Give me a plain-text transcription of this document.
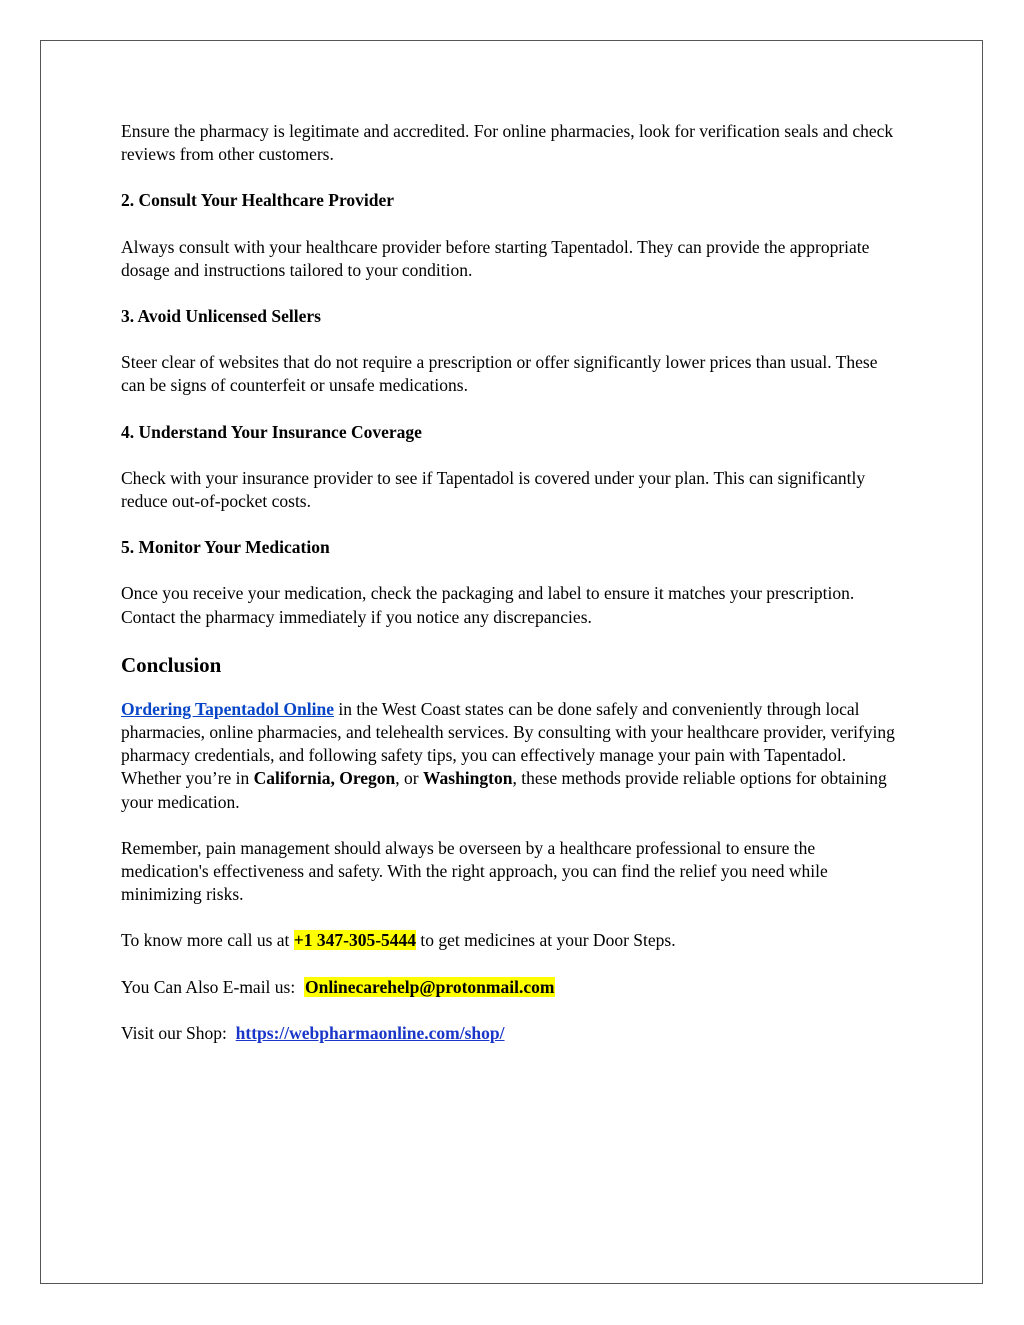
Ensure the pharmacy is legitimate and accredited. For online pharmacies, look for verification seals and check reviews from other customers.

2. Consult Your Healthcare Provider

Always consult with your healthcare provider before starting Tapentadol. They can provide the appropriate dosage and instructions tailored to your condition.

3. Avoid Unlicensed Sellers

Steer clear of websites that do not require a prescription or offer significantly lower prices than usual. These can be signs of counterfeit or unsafe medications.

4. Understand Your Insurance Coverage

Check with your insurance provider to see if Tapentadol is covered under your plan. This can significantly reduce out-of-pocket costs.

5. Monitor Your Medication

Once you receive your medication, check the packaging and label to ensure it matches your prescription. Contact the pharmacy immediately if you notice any discrepancies.

Conclusion

Ordering Tapentadol Online in the West Coast states can be done safely and conveniently through local pharmacies, online pharmacies, and telehealth services. By consulting with your healthcare provider, verifying pharmacy credentials, and following safety tips, you can effectively manage your pain with Tapentadol. Whether you’re in California, Oregon, or Washington, these methods provide reliable options for obtaining your medication.

Remember, pain management should always be overseen by a healthcare professional to ensure the medication's effectiveness and safety. With the right approach, you can find the relief you need while minimizing risks.

To know more call us at +1 347-305-5444 to get medicines at your Door Steps.

You Can Also E-mail us:  Onlinecarehelp@protonmail.com

Visit our Shop:  https://webpharmaonline.com/shop/
